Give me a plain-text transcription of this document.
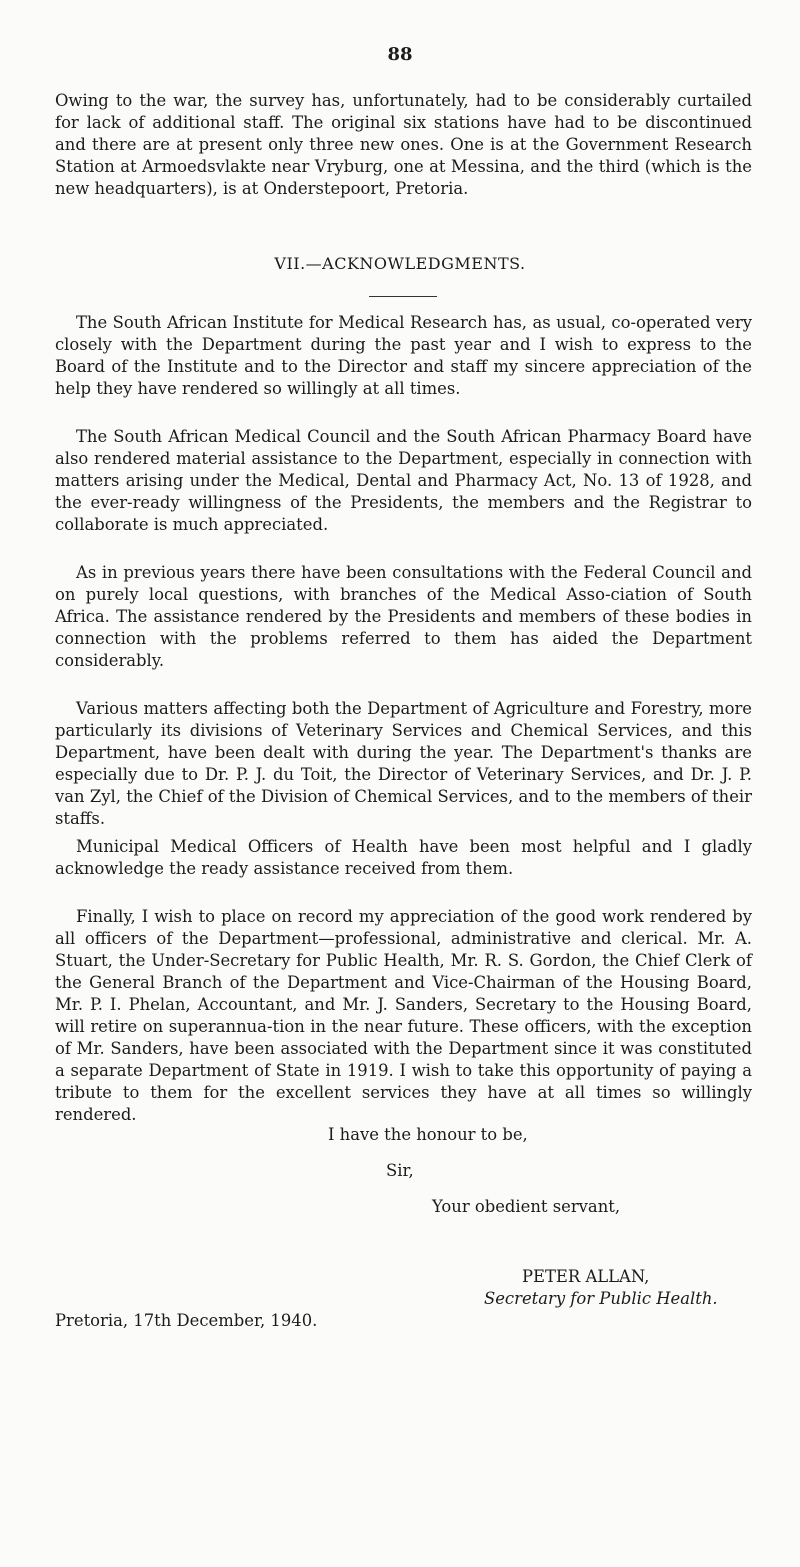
88

Owing to the war, the survey has, unfortunately, had to be considerably curtailed for lack of additional staff. The original six stations have had to be discontinued and there are at present only three new ones. One is at the Government Research Station at Armoedsvlakte near Vryburg, one at Messina, and the third (which is the new headquarters), is at Onderstepoort, Pretoria.

VII.—ACKNOWLEDGMENTS.

The South African Institute for Medical Research has, as usual, co-operated very closely with the Department during the past year and I wish to express to the Board of the Institute and to the Director and staff my sincere appreciation of the help they have rendered so willingly at all times.

The South African Medical Council and the South African Pharmacy Board have also rendered material assistance to the Department, especially in connection with matters arising under the Medical, Dental and Pharmacy Act, No. 13 of 1928, and the ever-ready willingness of the Presidents, the members and the Registrar to collaborate is much appreciated.

As in previous years there have been consultations with the Federal Council and on purely local questions, with branches of the Medical Asso-ciation of South Africa. The assistance rendered by the Presidents and members of these bodies in connection with the problems referred to them has aided the Department considerably.

Various matters affecting both the Department of Agriculture and Forestry, more particularly its divisions of Veterinary Services and Chemical Services, and this Department, have been dealt with during the year. The Department's thanks are especially due to Dr. P. J. du Toit, the Director of Veterinary Services, and Dr. J. P. van Zyl, the Chief of the Division of Chemical Services, and to the members of their staffs.

Municipal Medical Officers of Health have been most helpful and I gladly acknowledge the ready assistance received from them.

Finally, I wish to place on record my appreciation of the good work rendered by all officers of the Department—professional, administrative and clerical. Mr. A. Stuart, the Under-Secretary for Public Health, Mr. R. S. Gordon, the Chief Clerk of the General Branch of the Department and Vice-Chairman of the Housing Board, Mr. P. I. Phelan, Accountant, and Mr. J. Sanders, Secretary to the Housing Board, will retire on superannua-tion in the near future. These officers, with the exception of Mr. Sanders, have been associated with the Department since it was constituted a separate Department of State in 1919. I wish to take this opportunity of paying a tribute to them for the excellent services they have at all times so willingly rendered.

I have the honour to be,
Sir,
Your obedient servant,
PETER ALLAN,
Secretary for Public Health.
Pretoria, 17th December, 1940.
